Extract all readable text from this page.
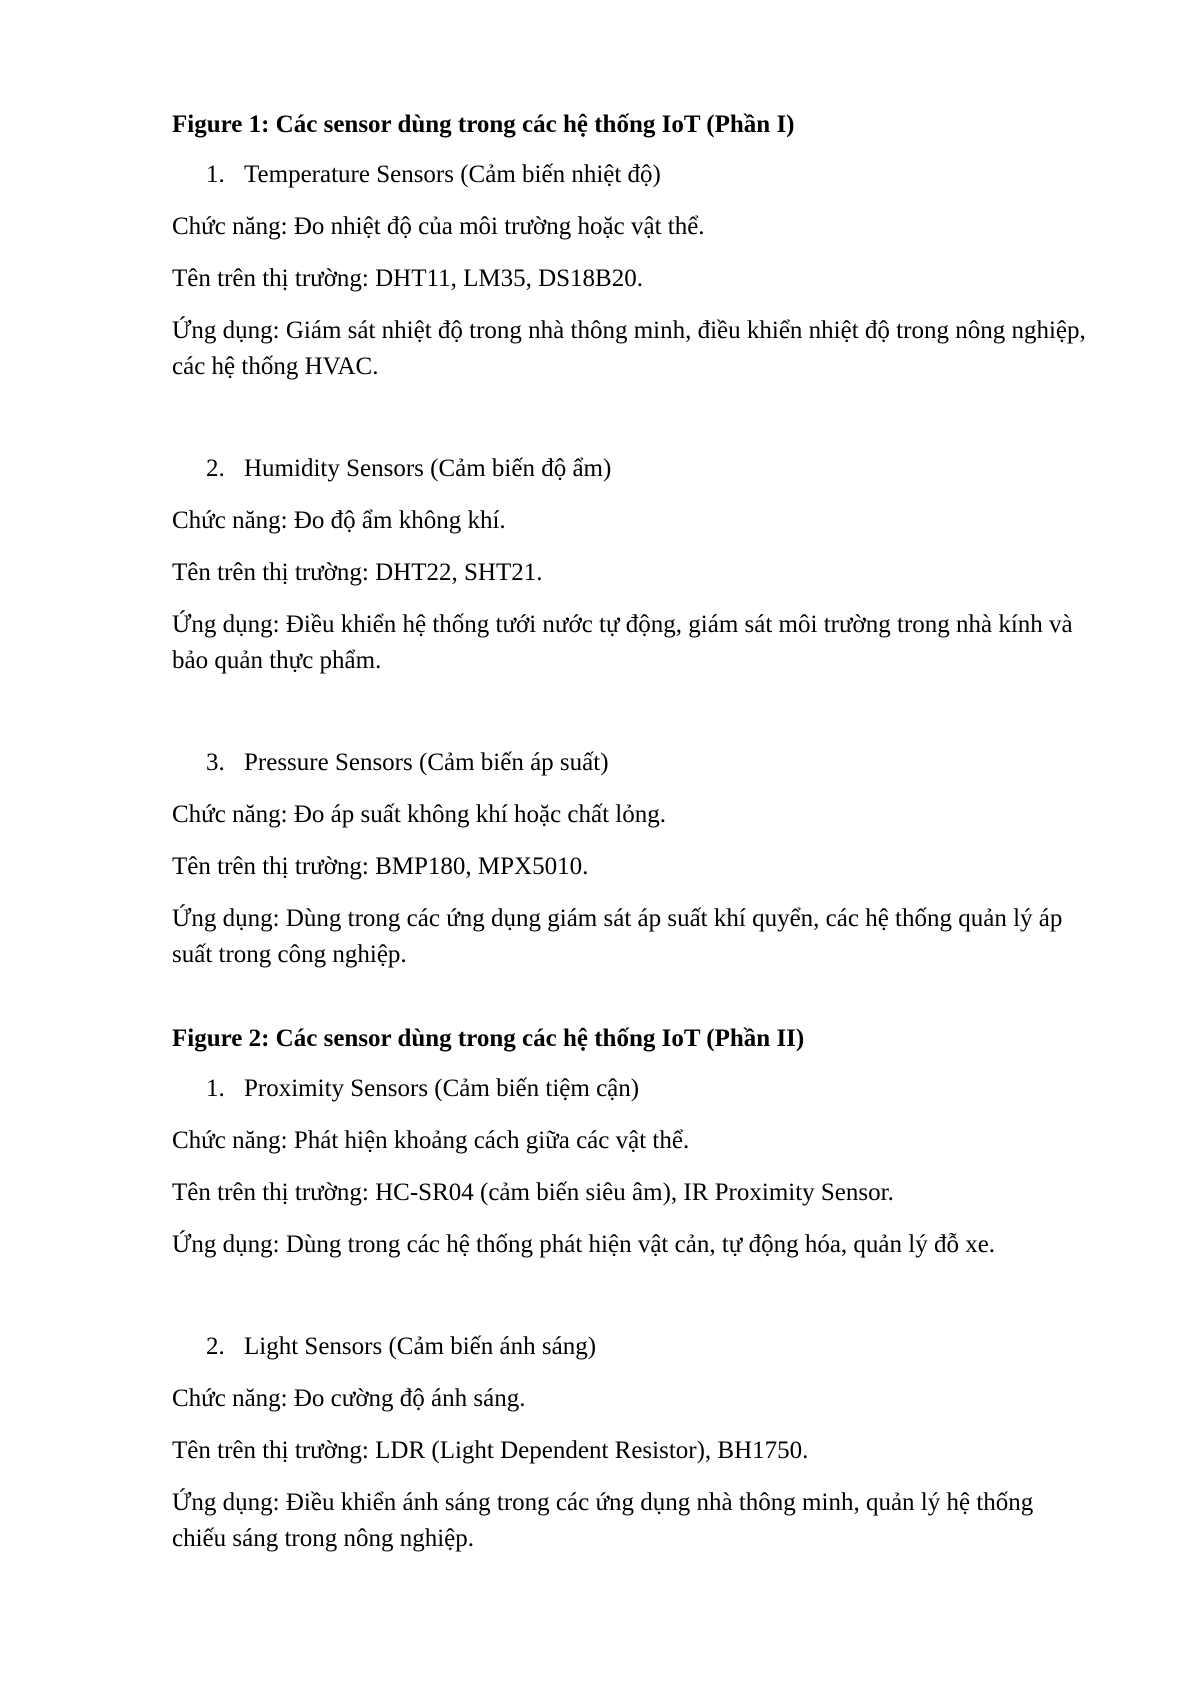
Figure 1: Các sensor dùng trong các hệ thống IoT (Phần I)
1. Temperature Sensors (Cảm biến nhiệt độ)

Chức năng: Đo nhiệt độ của môi trường hoặc vật thể.

Tên trên thị trường: DHT11, LM35, DS18B20.

Ứng dụng: Giám sát nhiệt độ trong nhà thông minh, điều khiển nhiệt độ trong nông nghiệp, các hệ thống HVAC.

2. Humidity Sensors (Cảm biến độ ẩm)

Chức năng: Đo độ ẩm không khí.

Tên trên thị trường: DHT22, SHT21.

Ứng dụng: Điều khiển hệ thống tưới nước tự động, giám sát môi trường trong nhà kính và bảo quản thực phẩm.

3. Pressure Sensors (Cảm biến áp suất)

Chức năng: Đo áp suất không khí hoặc chất lỏng.

Tên trên thị trường: BMP180, MPX5010.

Ứng dụng: Dùng trong các ứng dụng giám sát áp suất khí quyển, các hệ thống quản lý áp suất trong công nghiệp.

Figure 2: Các sensor dùng trong các hệ thống IoT (Phần II)
1. Proximity Sensors (Cảm biến tiệm cận)

Chức năng: Phát hiện khoảng cách giữa các vật thể.

Tên trên thị trường: HC-SR04 (cảm biến siêu âm), IR Proximity Sensor.

Ứng dụng: Dùng trong các hệ thống phát hiện vật cản, tự động hóa, quản lý đỗ xe.

2. Light Sensors (Cảm biến ánh sáng)

Chức năng: Đo cường độ ánh sáng.

Tên trên thị trường: LDR (Light Dependent Resistor), BH1750.

Ứng dụng: Điều khiển ánh sáng trong các ứng dụng nhà thông minh, quản lý hệ thống chiếu sáng trong nông nghiệp.
